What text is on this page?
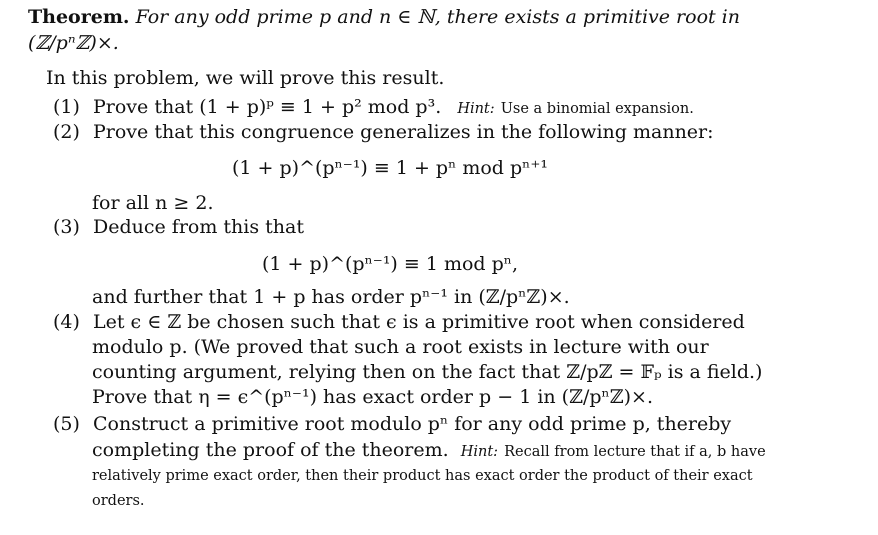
Theorem. For any odd prime p and n ∈ ℕ, there exists a primitive root in
(ℤ/pⁿℤ)×.
In this problem, we will prove this result.
(1) Prove that (1 + p)ᵖ ≡ 1 + p² mod p³. Hint: Use a binomial expansion.
(2) Prove that this congruence generalizes in the following manner:
(1 + p)^(pⁿ⁻¹) ≡ 1 + pⁿ mod pⁿ⁺¹
for all n ≥ 2.
(3) Deduce from this that
(1 + p)^(pⁿ⁻¹) ≡ 1 mod pⁿ,
and further that 1 + p has order pⁿ⁻¹ in (ℤ/pⁿℤ)×.
(4) Let ϵ ∈ ℤ be chosen such that ϵ is a primitive root when considered
modulo p. (We proved that such a root exists in lecture with our
counting argument, relying then on the fact that ℤ/pℤ = 𝔽ₚ is a field.)
Prove that η = ϵ^(pⁿ⁻¹) has exact order p − 1 in (ℤ/pⁿℤ)×.
(5) Construct a primitive root modulo pⁿ for any odd prime p, thereby
completing the proof of the theorem. Hint: Recall from lecture that if a, b have
relatively prime exact order, then their product has exact order the product of their exact
orders.
